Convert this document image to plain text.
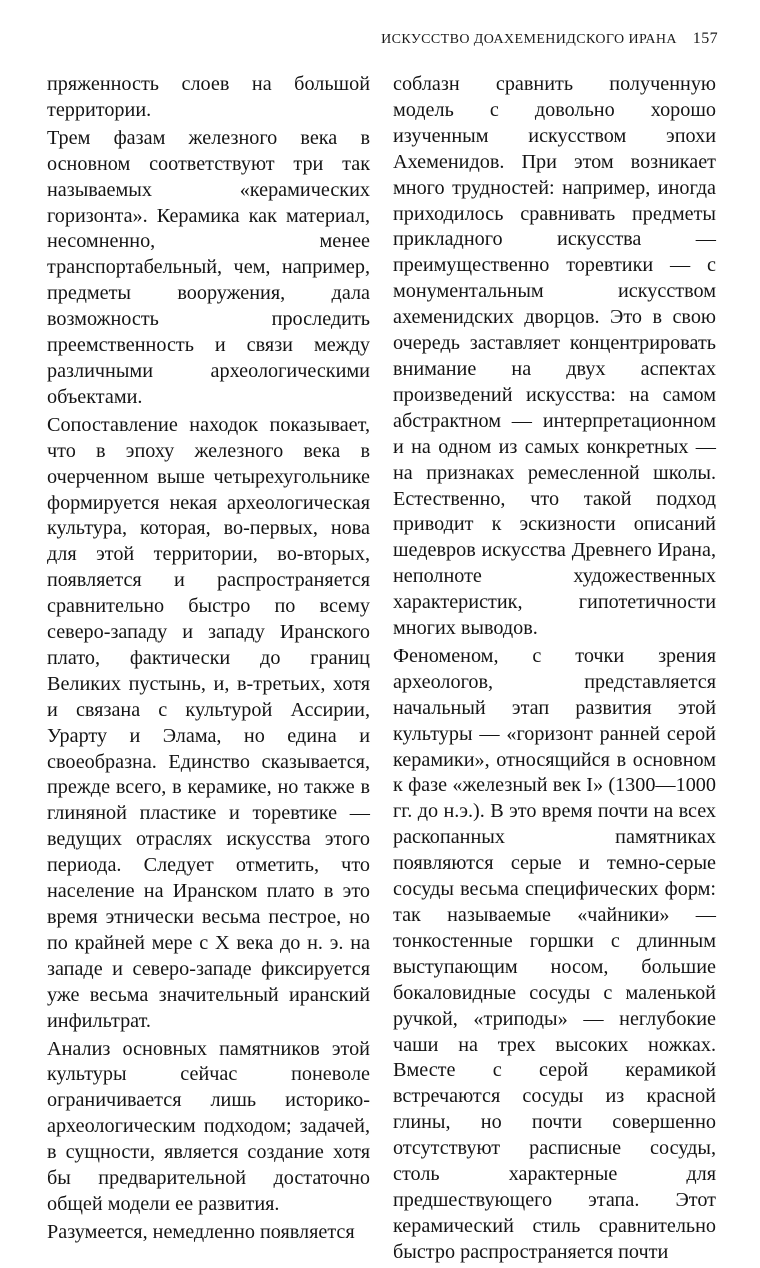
ИСКУССТВО ДОАХЕМЕНИДСКОГО ИРАНА 157

пряженность слоев на большой территории.

Трем фазам железного века в основном соответствуют три так называемых «керамических горизонта». Керамика как материал, несомненно, менее транспортабельный, чем, например, предметы вооружения, дала возможность проследить преемственность и связи между различными археологическими объектами.

Сопоставление находок показывает, что в эпоху железного века в очерченном выше четырехугольнике формируется некая археологическая культура, которая, во-первых, нова для этой территории, во-вторых, появляется и распространяется сравнительно быстро по всему северо-западу и западу Иранского плато, фактически до границ Великих пустынь, и, в-третьих, хотя и связана с культурой Ассирии, Урарту и Элама, но едина и своеобразна. Единство сказывается, прежде всего, в керамике, но также в глиняной пластике и торевтике — ведущих отраслях искусства этого периода. Следует отметить, что население на Иранском плато в это время этнически весьма пестрое, но по крайней мере с X века до н. э. на западе и северо-западе фиксируется уже весьма значительный иранский инфильтрат.

Анализ основных памятников этой культуры сейчас поневоле ограничивается лишь историко-археологическим подходом; задачей, в сущности, является создание хотя бы предварительной достаточно общей модели ее развития.

Разумеется, немедленно появляется

соблазн сравнить полученную модель с довольно хорошо изученным искусством эпохи Ахеменидов. При этом возникает много трудностей: например, иногда приходилось сравнивать предметы прикладного искусства — преимущественно торевтики — с монументальным искусством ахеменидских дворцов. Это в свою очередь заставляет концентрировать внимание на двух аспектах произведений искусства: на самом абстрактном — интерпретационном и на одном из самых конкретных — на признаках ремесленной школы. Естественно, что такой подход приводит к эскизности описаний шедевров искусства Древнего Ирана, неполноте художественных характеристик, гипотетичности многих выводов.

Феноменом, с точки зрения археологов, представляется начальный этап развития этой культуры — «горизонт ранней серой керамики», относящийся в основном к фазе «железный век I» (1300—1000 гг. до н.э.). В это время почти на всех раскопанных памятниках появляются серые и темно-серые сосуды весьма специфических форм: так называемые «чайники» — тонкостенные горшки с длинным выступающим носом, большие бокаловидные сосуды с маленькой ручкой, «триподы» — неглубокие чаши на трех высоких ножках. Вместе с серой керамикой встречаются сосуды из красной глины, но почти совершенно отсутствуют расписные сосуды, столь характерные для предшествующего этапа. Этот керамический стиль сравнительно быстро распространяется почти
